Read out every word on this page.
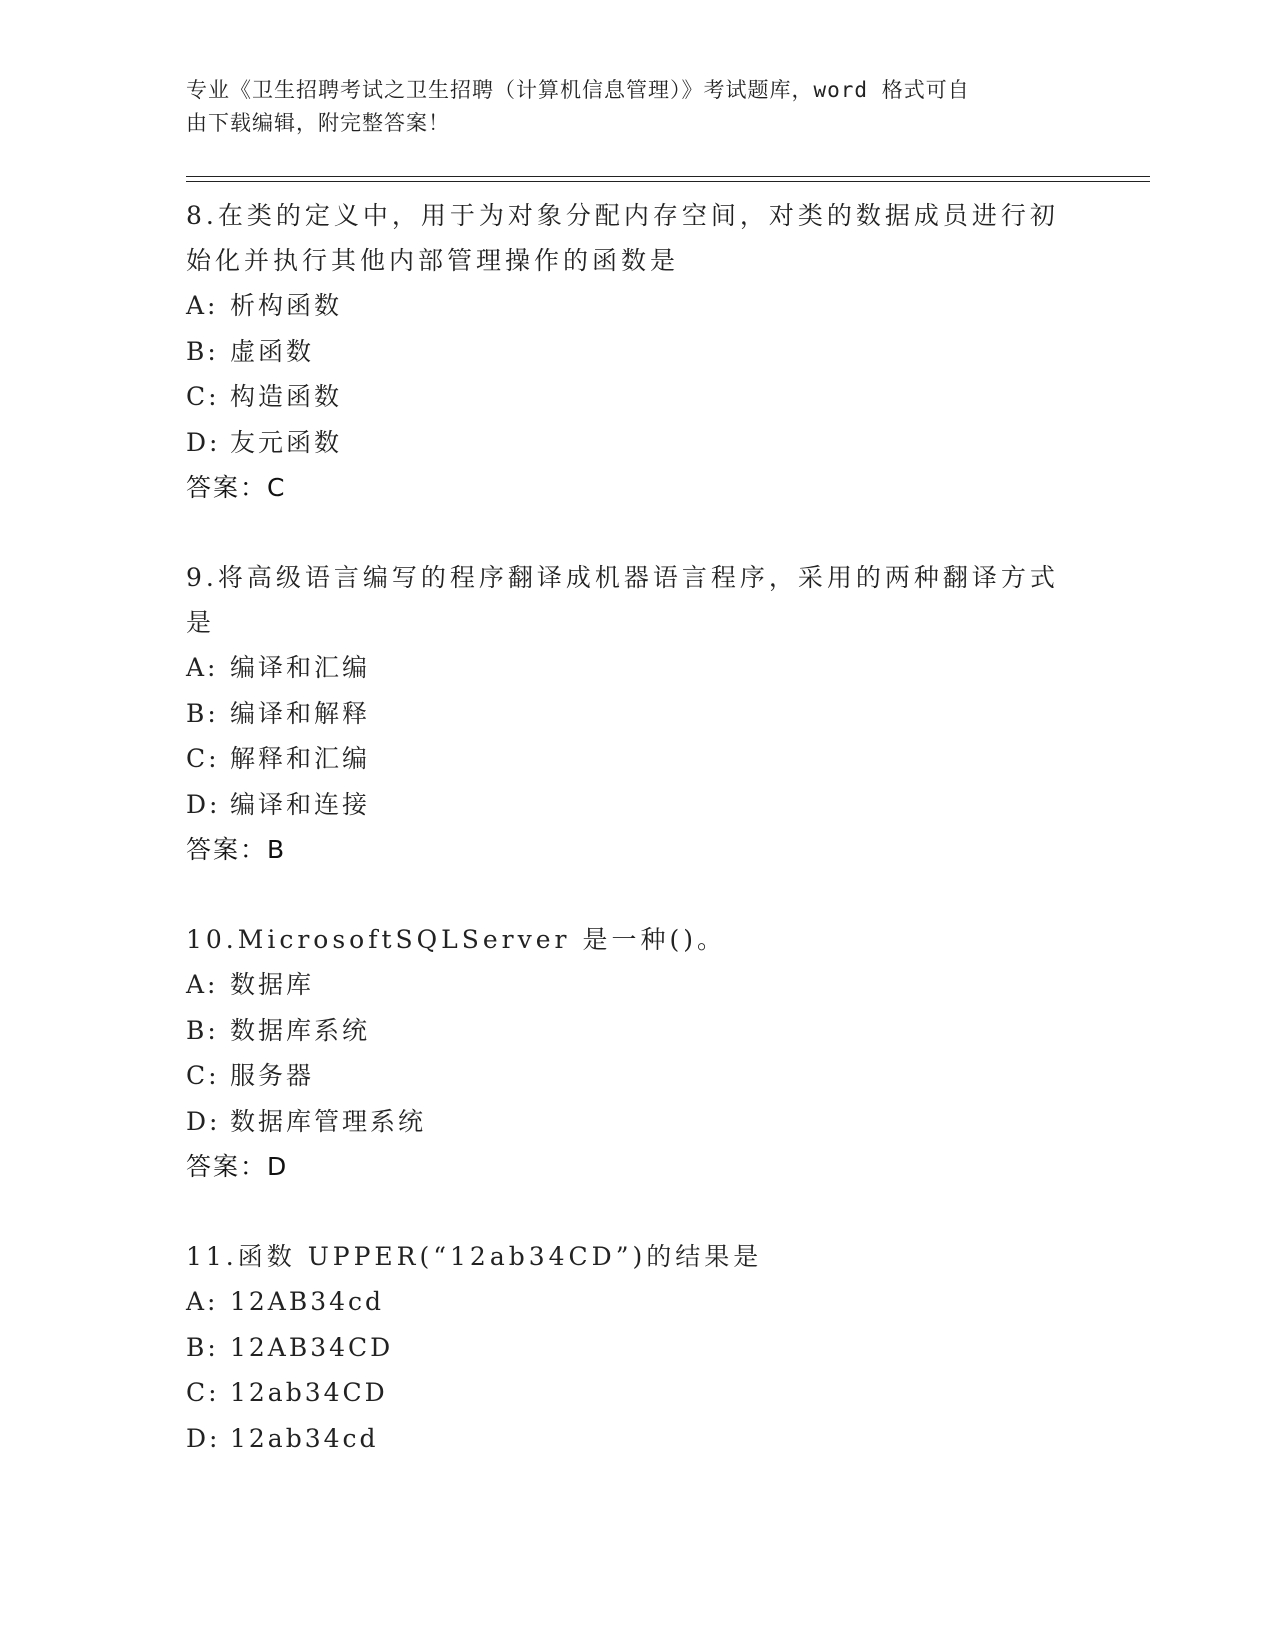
专业《卫生招聘考试之卫生招聘（计算机信息管理）》考试题库，word 格式可自
由下载编辑，附完整答案！
8.在类的定义中，用于为对象分配内存空间，对类的数据成员进行初始化并执行其他内部管理操作的函数是
A: 析构函数
B: 虚函数
C: 构造函数
D: 友元函数
答案：C
9.将高级语言编写的程序翻译成机器语言程序，采用的两种翻译方式是
A: 编译和汇编
B: 编译和解释
C: 解释和汇编
D: 编译和连接
答案：B
10.MicrosoftSQLServer 是一种()。
A: 数据库
B: 数据库系统
C: 服务器
D: 数据库管理系统
答案：D
11.函数 UPPER(“12ab34CD”)的结果是
A: 12AB34cd
B: 12AB34CD
C: 12ab34CD
D: 12ab34cd
